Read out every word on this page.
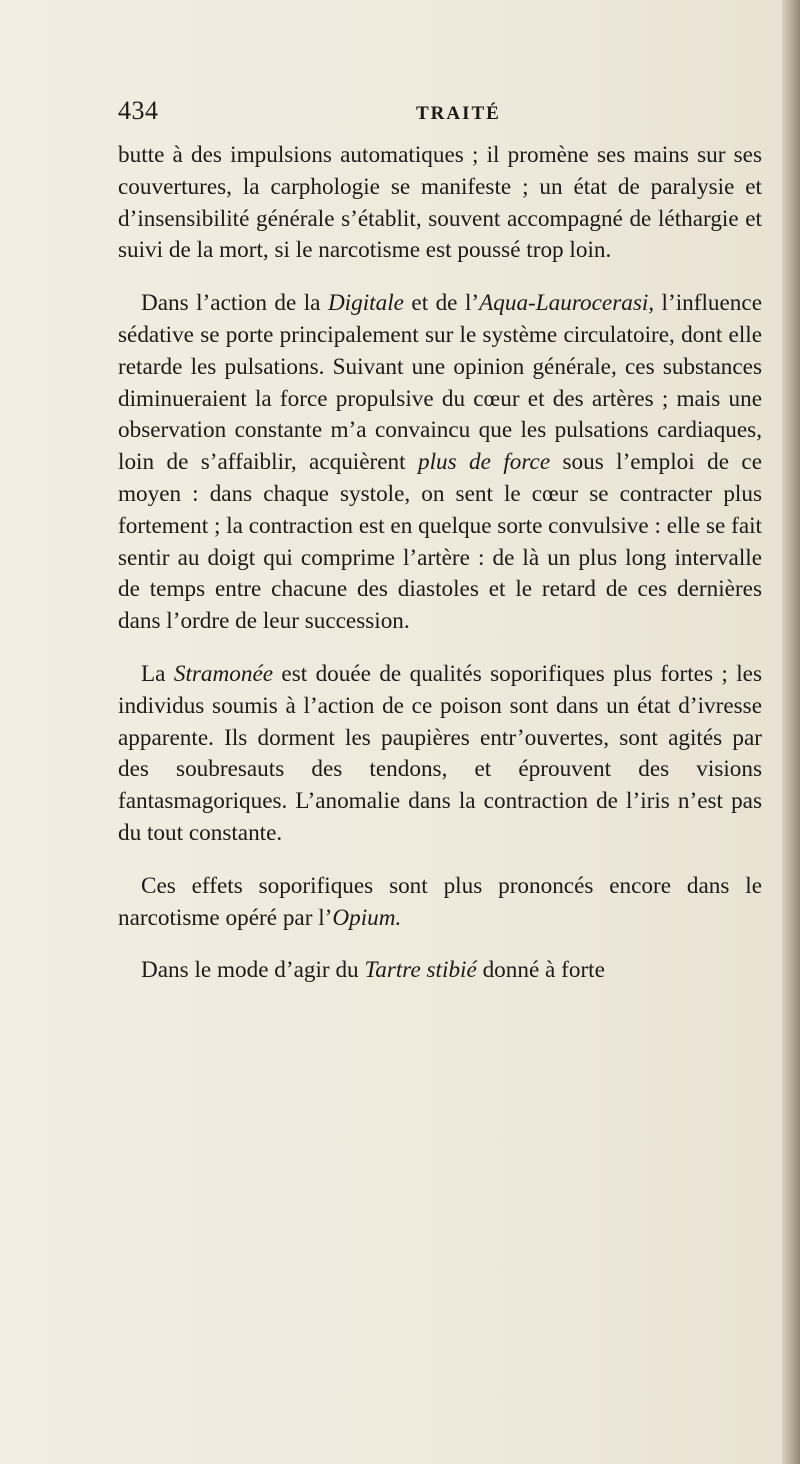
434	TRAITÉ

butte à des impulsions automatiques ; il promène ses mains sur ses couvertures, la carphologie se manifeste ; un état de paralysie et d’insensibilité générale s’établit, souvent accompagné de léthargie et suivi de la mort, si le narcotisme est poussé trop loin.

Dans l’action de la Digitale et de l’Aqua-Laurocerasi, l’influence sédative se porte principalement sur le système circulatoire, dont elle retarde les pulsations. Suivant une opinion générale, ces substances diminueraient la force propulsive du cœur et des artères ; mais une observation constante m’a convaincu que les pulsations cardiaques, loin de s’affaiblir, acquièrent plus de force sous l’emploi de ce moyen : dans chaque systole, on sent le cœur se contracter plus fortement ; la contraction est en quelque sorte convulsive : elle se fait sentir au doigt qui comprime l’artère : de là un plus long intervalle de temps entre chacune des diastoles et le retard de ces dernières dans l’ordre de leur succession.

La Stramonée est douée de qualités soporifiques plus fortes ; les individus soumis à l’action de ce poison sont dans un état d’ivresse apparente. Ils dorment les paupières entr’ouvertes, sont agités par des soubresauts des tendons, et éprouvent des visions fantasmagoriques. L’anomalie dans la contraction de l’iris n’est pas du tout constante.

Ces effets soporifiques sont plus prononcés encore dans le narcotisme opéré par l’Opium.

Dans le mode d’agir du Tartre stibié donné à forte
